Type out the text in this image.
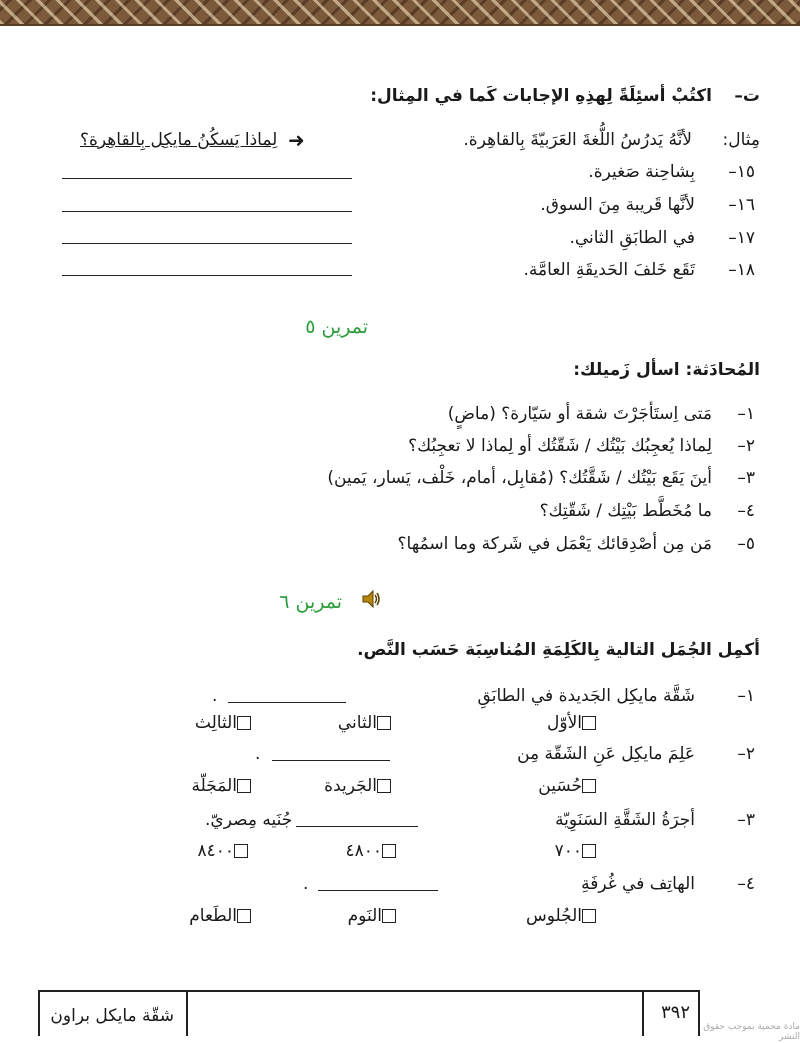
ت–
اكتُبْ أسئِلَةً لِهذِهِ الإجابات كَما في المِثال:
مِثال:
لأنَّهُ يَدرُسُ اللُّغةَ العَرَبيّةَ بِالقاهِرة.
➜
لِماذا يَسكُنُ مايكِل بِالقاهِرة؟
١٥–
بِشاحِنة صَغيرة.
١٦–
لأنَّها قَريبة مِنَ السوق.
١٧–
في الطابَقِ الثاني.
١٨–
تَقَع خَلفَ الحَديقَةِ العامَّة.
تمرين ٥
المُحادَثة: اسأل زَميلك:
١–
مَتى اِستَأجَرْتَ شقة أو سَيّارة؟ (ماضٍ)
٢–
لِماذا يُعجِبُك بَيْتُك / شَقّتُك أو لِماذا لا تعجِبُك؟
٣–
أينَ يَقَع بَيْتُك / شَقَّتُك؟ (مُقابِل، أمام، خَلْف، يَسار، يَمين)
٤–
ما مُخَطَّط بَيْتِك / شَقّتِك؟
٥–
مَن مِن أصْدِقائك يَعْمَل في شَركة وما اسمُها؟
تمرين ٦
أكمِل الجُمَل التالية بِالكَلِمَةِ المُناسِبَة حَسَب النَّص.
١–
شَقَّة مايكِل الجَديدة في الطابَقِ
.
الأوّل
الثاني
الثالِث
٢–
عَلِمَ مايكِل عَنِ الشَقّة مِن
.
حُسَين
الجَريدة
المَجَلّة
٣–
أجرَةُ الشَقَّةِ السَنَوِيّة
جُنَيه مِصريّ.
٧٠٠
٤٨٠٠
٨٤٠٠
٤–
الهاتِف في غُرفَةِ
.
الجُلوس
النَوم
الطَعام
شقّة مايكل براون	٣٩٢
مادة محمية بموجب حقوق النشر
